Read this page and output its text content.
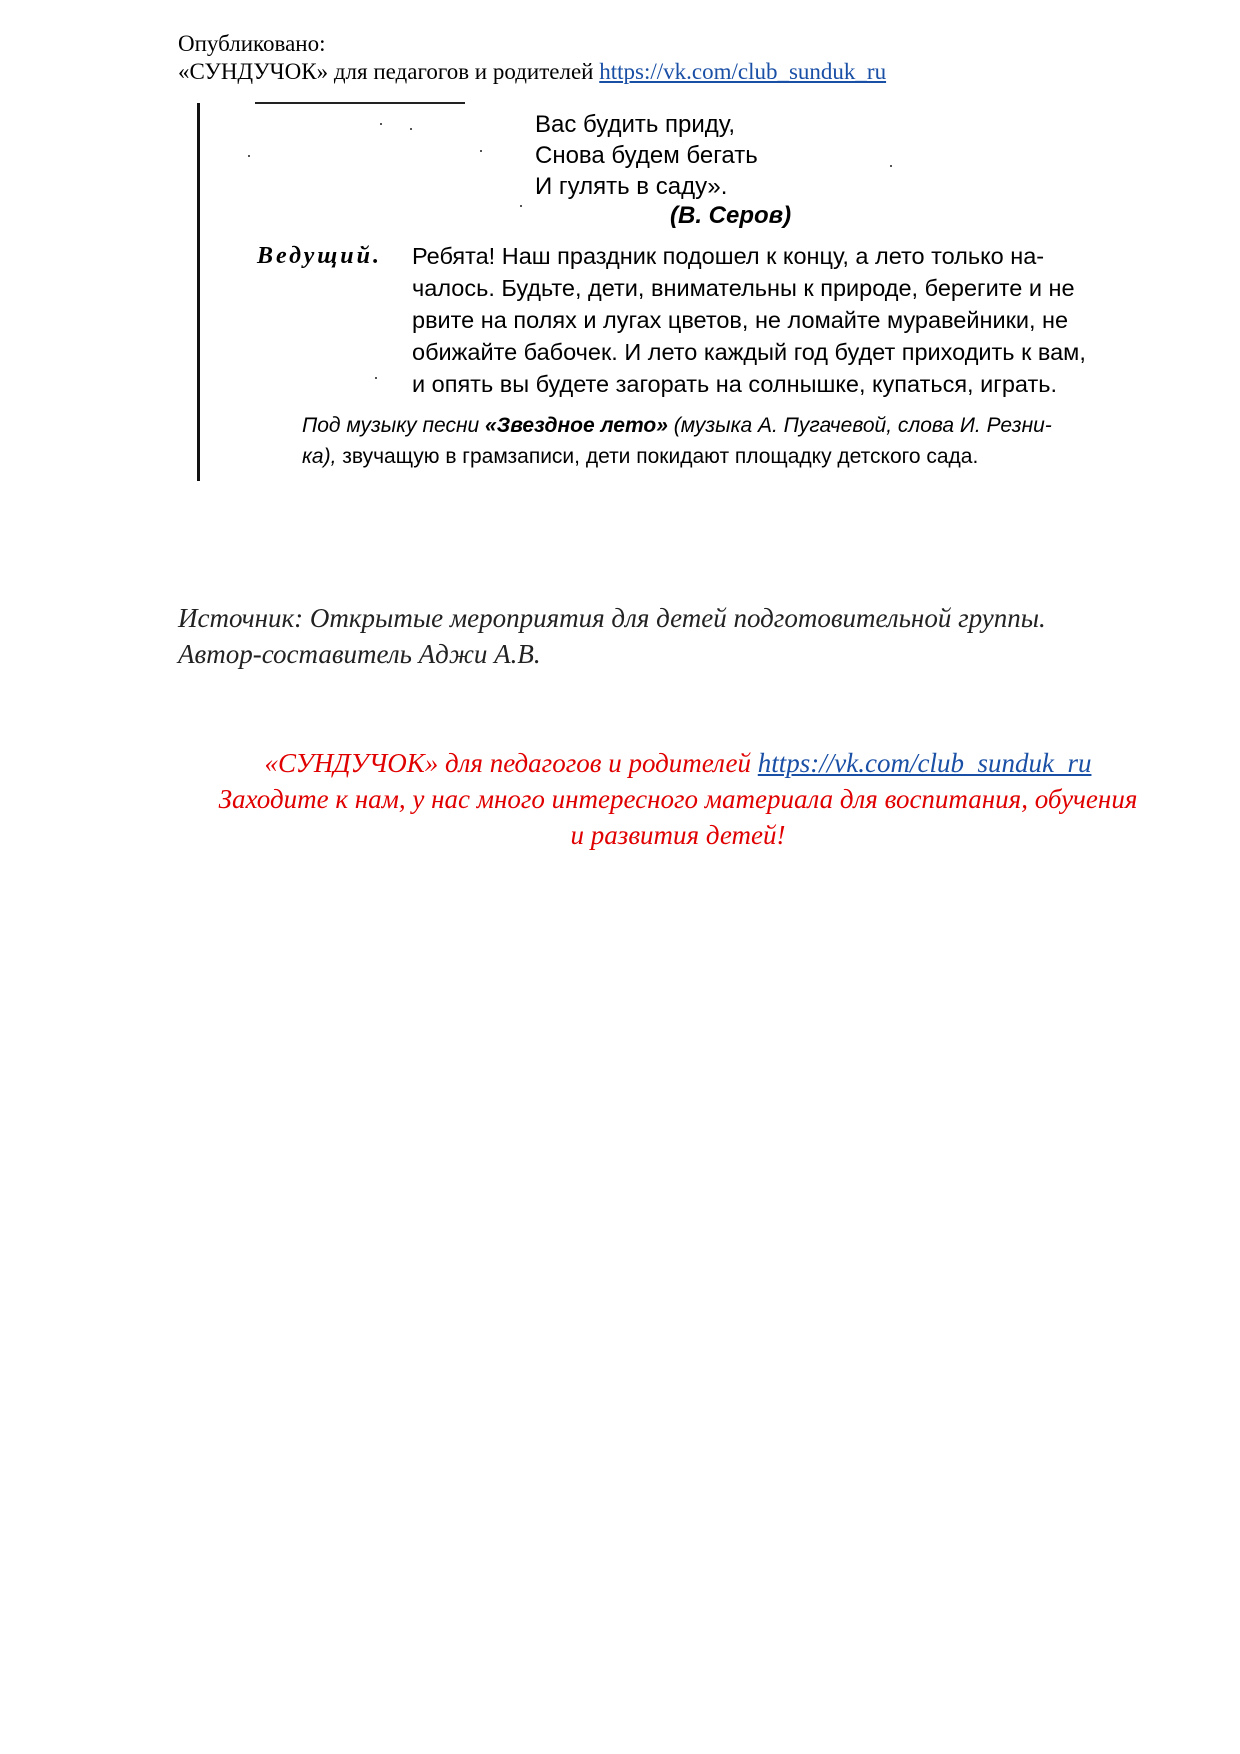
Опубликовано:
«СУНДУЧОК» для педагогов и родителей https://vk.com/club_sunduk_ru
Вас будить приду,
Снова будем бегать
И гулять в саду».
(В. Серов)
Ведущий. Ребята! Наш праздник подошел к концу, а лето только на-
чалось. Будьте, дети, внимательны к природе, берегите и не
рвите на полях и лугах цветов, не ломайте муравейники, не
обижайте бабочек. И лето каждый год будет приходить к вам,
и опять вы будете загорать на солнышке, купаться, играть.
Под музыку песни «Звездное лето» (музыка А. Пугачевой, слова И. Резни-
ка), звучащую в грамзаписи, дети покидают площадку детского сада.
Источник: Открытые мероприятия для детей подготовительной группы.
Автор-составитель Аджи А.В.
«СУНДУЧОК» для педагогов и родителей https://vk.com/club_sunduk_ru
Заходите к нам, у нас много интересного материала для воспитания, обучения
и развития детей!
